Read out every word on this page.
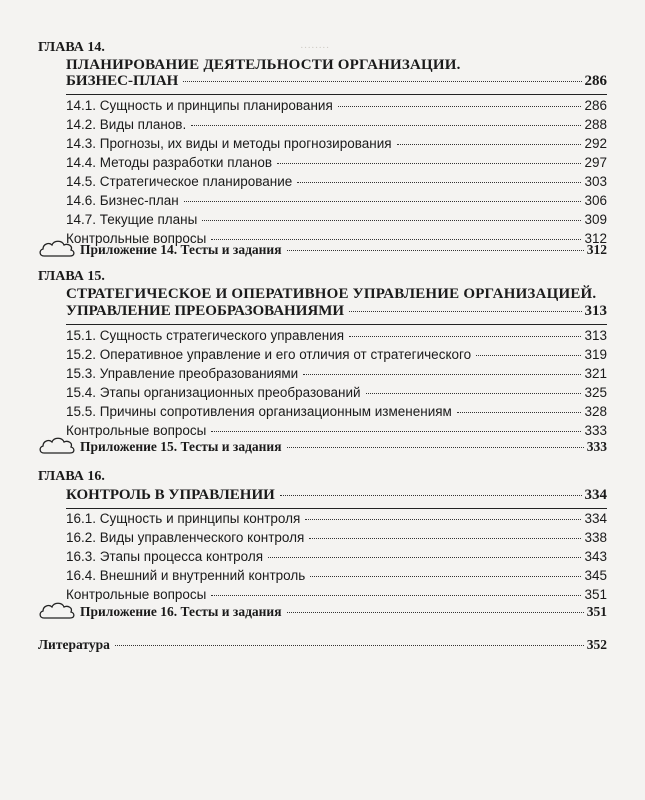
········
ГЛАВА 14.
ПЛАНИРОВАНИЕ ДЕЯТЕЛЬНОСТИ ОРГАНИЗАЦИИ.
БИЗНЕС-ПЛАН	286
14.1. Сущность и принципы планирования	286
14.2. Виды планов.	288
14.3. Прогнозы, их виды и методы прогнозирования	292
14.4. Методы разработки планов	297
14.5. Стратегическое планирование	303
14.6. Бизнес-план	306
14.7. Текущие планы	309
Контрольные вопросы	312
Приложение 14. Тесты и задания	312
ГЛАВА 15.
СТРАТЕГИЧЕСКОЕ И ОПЕРАТИВНОЕ УПРАВЛЕНИЕ ОРГАНИЗАЦИЕЙ.
УПРАВЛЕНИЕ ПРЕОБРАЗОВАНИЯМИ	313
15.1. Сущность стратегического управления	313
15.2. Оперативное управление и его отличия от стратегического	319
15.3. Управление преобразованиями	321
15.4. Этапы организационных преобразований	325
15.5. Причины сопротивления организационным изменениям	328
Контрольные вопросы	333
Приложение 15. Тесты и задания	333
ГЛАВА 16.
КОНТРОЛЬ В УПРАВЛЕНИИ	334
16.1. Сущность и принципы контроля	334
16.2. Виды управленческого контроля	338
16.3. Этапы процесса контроля	343
16.4. Внешний и внутренний контроль	345
Контрольные вопросы	351
Приложение 16. Тесты и задания	351
Литература	352
